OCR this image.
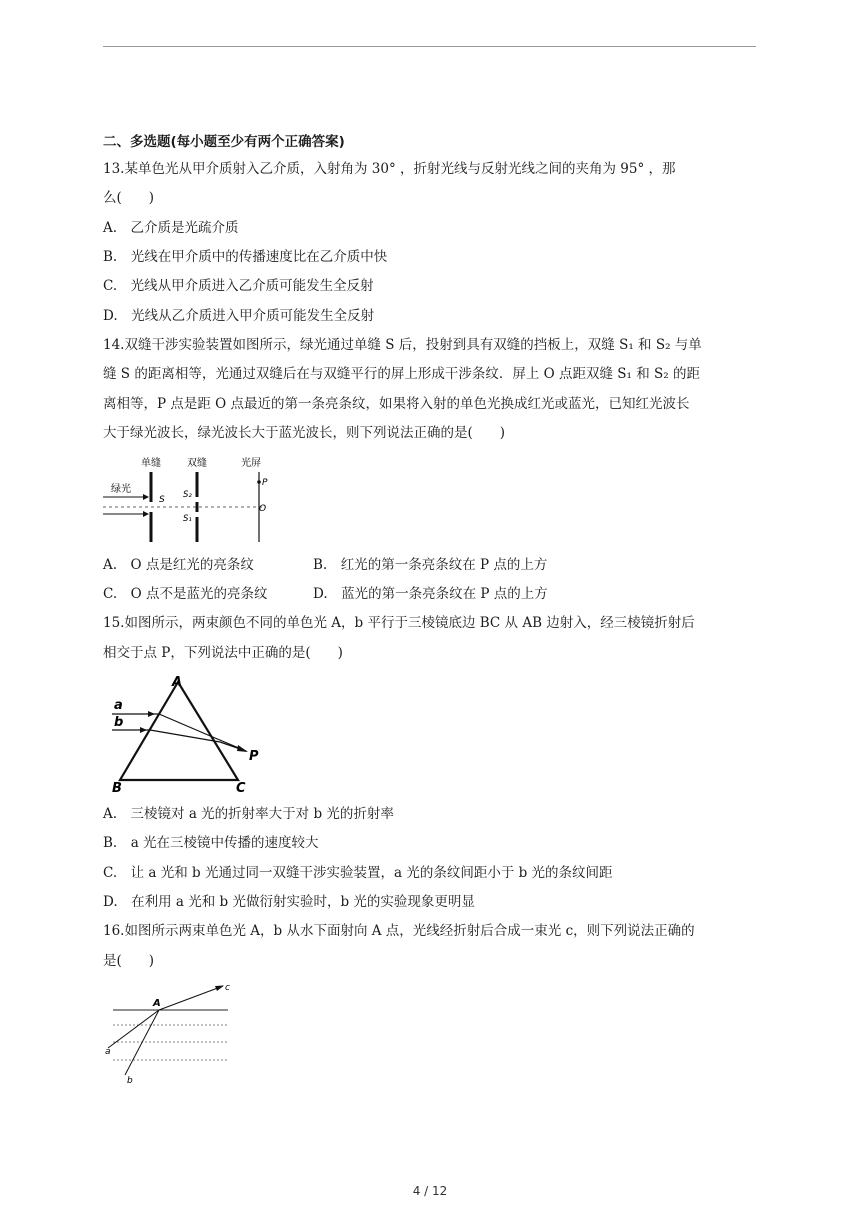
二、多选题(每小题至少有两个正确答案)
13.某单色光从甲介质射入乙介质，入射角为 30° ，折射光线与反射光线之间的夹角为 95° ，那
么(　　)
A.　乙介质是光疏介质
B.　光线在甲介质中的传播速度比在乙介质中快
C.　光线从甲介质进入乙介质可能发生全反射
D.　光线从乙介质进入甲介质可能发生全反射
14.双缝干涉实验装置如图所示，绿光通过单缝 S 后，投射到具有双缝的挡板上，双缝 S₁ 和 S₂ 与单
缝 S 的距离相等，光通过双缝后在与双缝平行的屏上形成干涉条纹．屏上 O 点距双缝 S₁ 和 S₂ 的距
离相等，P 点是距 O 点最近的第一条亮条纹，如果将入射的单色光换成红光或蓝光，已知红光波长
大于绿光波长，绿光波长大于蓝光波长，则下列说法正确的是(　　)
单缝	双缝	光屏
绿光
S S₂
S₁
P
O
A.　O 点是红光的亮条纹	B.　红光的第一条亮条纹在 P 点的上方
C.　O 点不是蓝光的亮条纹	D.　蓝光的第一条亮条纹在 P 点的上方
15.如图所示，两束颜色不同的单色光 A，b 平行于三棱镜底边 BC 从 AB 边射入，经三棱镜折射后
相交于点 P，下列说法中正确的是(　　)
A
B	C
a
b
P
A.　三棱镜对 a 光的折射率大于对 b 光的折射率
B.　a 光在三棱镜中传播的速度较大
C.　让 a 光和 b 光通过同一双缝干涉实验装置，a 光的条纹间距小于 b 光的条纹间距
D.　在利用 a 光和 b 光做衍射实验时，b 光的实验现象更明显
16.如图所示两束单色光 A，b 从水下面射向 A 点，光线经折射后合成一束光 c，则下列说法正确的
是(　　)
A
c
a
b
4 / 12
